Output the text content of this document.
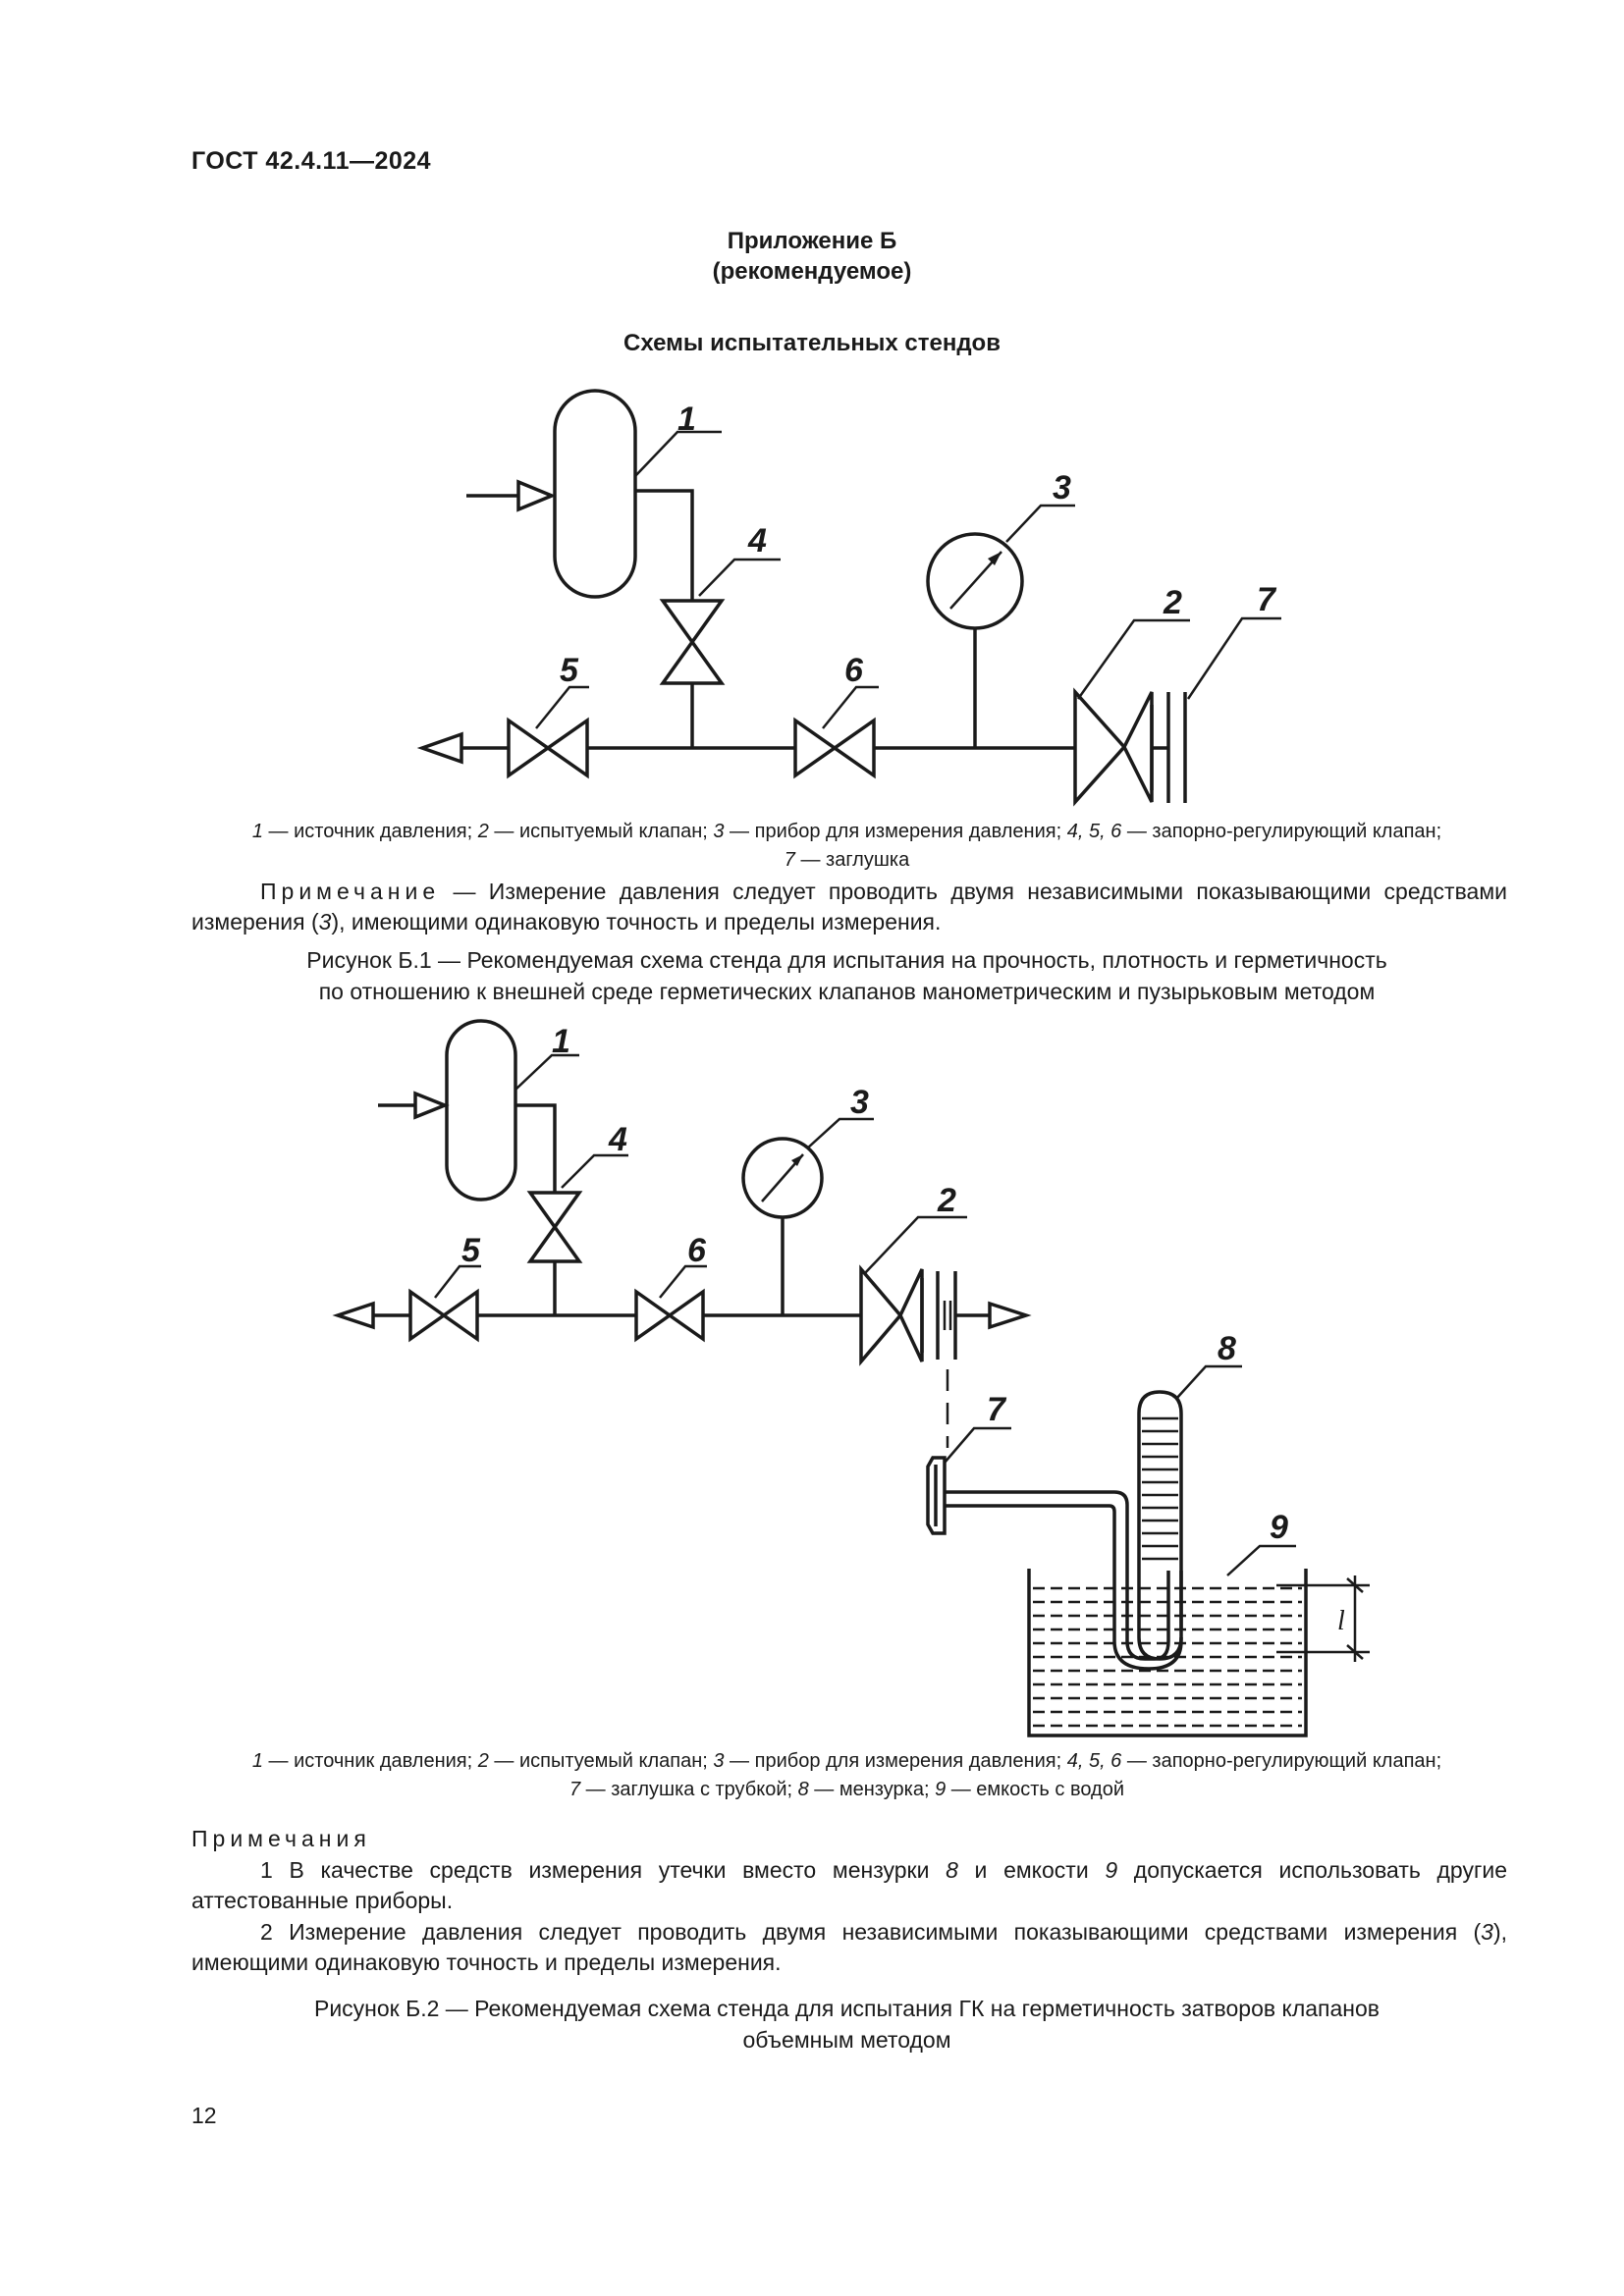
ГОСТ 42.4.11—2024
Приложение Б
(рекомендуемое)
Схемы испытательных стендов
1
2
3
4
5	6
7
1 — источник давления; 2 — испытуемый клапан; 3 — прибор для измерения давления; 4, 5, 6 — запорно-регулирующий клапан;
7 — заглушка
Примечание — Измерение давления следует проводить двумя независимыми показывающими средствами измерения (3), имеющими одинаковую точность и пределы измерения.
Рисунок Б.1 — Рекомендуемая схема стенда для испытания на прочность, плотность и герметичность
по отношению к внешней среде герметических клапанов манометрическим и пузырьковым методом
l
1
2
3
4
5	6
7
8
9
1 — источник давления; 2 — испытуемый клапан; 3 — прибор для измерения давления; 4, 5, 6 — запорно-регулирующий клапан;
7 — заглушка с трубкой; 8 — мензурка; 9 — емкость с водой
Примечания
1 В качестве средств измерения утечки вместо мензурки 8 и емкости 9 допускается использовать другие аттестованные приборы.
2 Измерение давления следует проводить двумя независимыми показывающими средствами измерения (3), имеющими одинаковую точность и пределы измерения.
Рисунок Б.2 — Рекомендуемая схема стенда для испытания ГК на герметичность затворов клапанов
объемным методом
12
